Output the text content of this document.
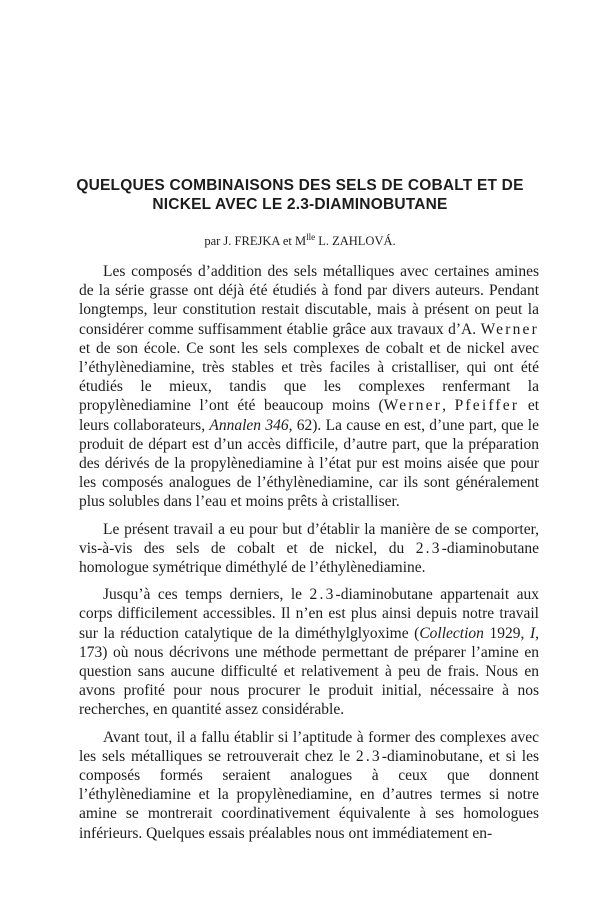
QUELQUES COMBINAISONS DES SELS DE COBALT ET DE
NICKEL AVEC LE 2.3-DIAMINOBUTANE

par J. FREJKA et $M^{lle}$ L. ZAHLOVÁ.

Les composés d’addition des sels métalliques avec certaines amines de la série grasse ont déjà été étudiés à fond par divers auteurs. Pendant longtemps, leur constitution restait discutable, mais à présent on peut la considérer comme suffisamment établie grâce aux travaux d’A. Werner et de son école. Ce sont les sels complexes de cobalt et de nickel avec l’éthylènediamine, très stables et très faciles à cristalliser, qui ont été étudiés le mieux, tandis que les complexes renfermant la propylènediamine l’ont été beaucoup moins (Werner, Pfeiffer et leurs collaborateurs, Annalen 346, 62). La cause en est, d’une part, que le produit de départ est d’un accès difficile, d’autre part, que la préparation des dérivés de la propylènediamine à l’état pur est moins aisée que pour les composés analogues de l’éthylènediamine, car ils sont généralement plus solubles dans l’eau et moins prêts à cristalliser.

Le présent travail a eu pour but d’établir la manière de se comporter, vis-à-vis des sels de cobalt et de nickel, du 2.3-diaminobutane homologue symétrique diméthylé de l’éthylènediamine.

Jusqu’à ces temps derniers, le 2.3-diaminobutane appartenait aux corps difficilement accessibles. Il n’en est plus ainsi depuis notre travail sur la réduction catalytique de la diméthylglyoxime (Collection 1929, I, 173) où nous décrivons une méthode permettant de préparer l’amine en question sans aucune difficulté et relativement à peu de frais. Nous en avons profité pour nous procurer le produit initial, nécessaire à nos recherches, en quantité assez considérable.

Avant tout, il a fallu établir si l’aptitude à former des complexes avec les sels métalliques se retrouverait chez le 2.3-diaminobutane, et si les composés formés seraient analogues à ceux que donnent l’éthylènediamine et la propylènediamine, en d’autres termes si notre amine se montrerait coordinativement équivalente à ses homologues inférieurs. Quelques essais préalables nous ont immédiatement en-
